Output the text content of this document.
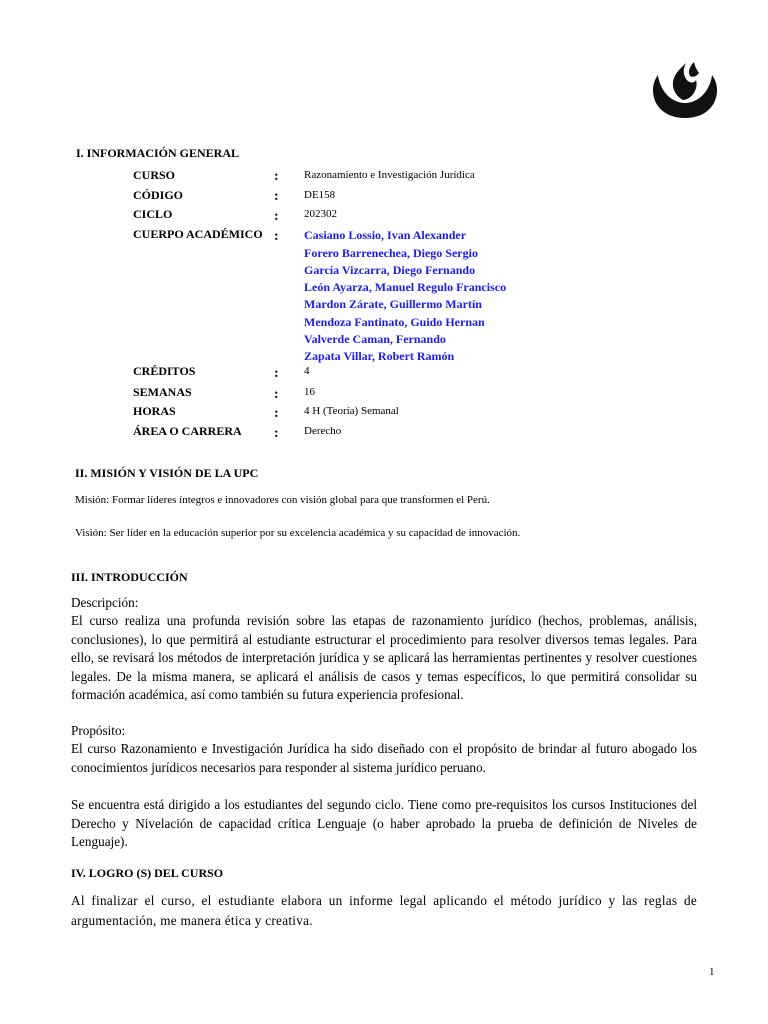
I. INFORMACIÓN GENERAL
CURSO	: Razonamiento e Investigación Jurídica
CÓDIGO	: DE158
CICLO	: 202302
CUERPO ACADÉMICO : Casiano Lossio, Ivan Alexander
Forero Barrenechea, Diego Sergio
García Vizcarra, Diego Fernando
León Ayarza, Manuel Regulo Francisco
Mardon Zárate, Guillermo Martín
Mendoza Fantinato, Guido Hernan
Valverde Caman, Fernando
Zapata Villar, Robert Ramón
CRÉDITOS	: 4
SEMANAS	: 16
HORAS	: 4 H (Teoría) Semanal
ÁREA O CARRERA : Derecho
II. MISIÓN Y VISIÓN DE LA UPC
Misión: Formar líderes íntegros e innovadores con visión global para que transformen el Perú.
Visión: Ser líder en la educación superior por su excelencia académica y su capacidad de innovación.
III. INTRODUCCIÓN
Descripción:
El curso realiza una profunda revisión sobre las etapas de razonamiento jurídico (hechos, problemas, análisis, conclusiones), lo que permitirá al estudiante estructurar el procedimiento para resolver diversos temas legales. Para ello, se revisará los métodos de interpretación jurídica y se aplicará las herramientas pertinentes y resolver cuestiones legales. De la misma manera, se aplicará el análisis de casos y temas específicos, lo que permitirá consolidar su formación académica, así como también su futura experiencia profesional.
Propósito:
El curso Razonamiento e Investigación Jurídica ha sido diseñado con el propósito de brindar al futuro abogado los conocimientos jurídicos necesarios para responder al sistema jurídico peruano.
Se encuentra está dirigido a los estudiantes del segundo ciclo. Tiene como pre-requisitos los cursos Instituciones del Derecho y Nivelación de capacidad crítica Lenguaje (o haber aprobado la prueba de definición de Niveles de Lenguaje).
IV. LOGRO (S) DEL CURSO
Al finalizar el curso, el estudiante elabora un informe legal aplicando el método jurídico y las reglas de argumentación, me manera ética y creativa.
1
